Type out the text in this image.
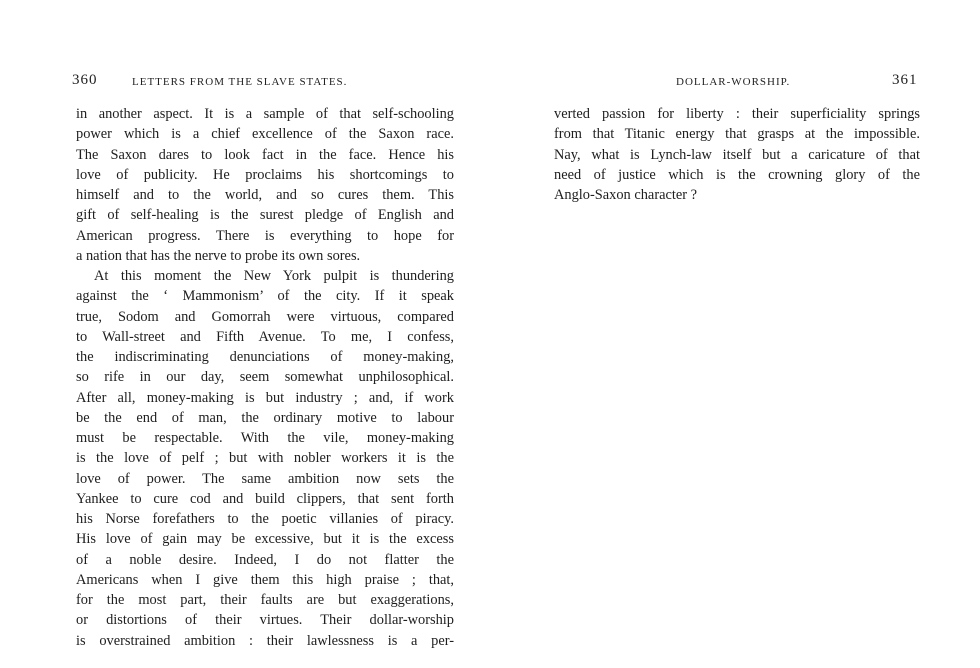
360	LETTERS FROM THE SLAVE STATES.
in another aspect. It is a sample of that self-schooling
power which is a chief excellence of the Saxon race.
The Saxon dares to look fact in the face. Hence his
love of publicity. He proclaims his shortcomings to
himself and to the world, and so cures them. This
gift of self-healing is the surest pledge of English and
American progress. There is everything to hope for
a nation that has the nerve to probe its own sores.
At this moment the New York pulpit is thundering
against the ‘ Mammonism’ of the city. If it speak
true, Sodom and Gomorrah were virtuous, compared
to Wall-street and Fifth Avenue. To me, I confess,
the indiscriminating denunciations of money-making,
so rife in our day, seem somewhat unphilosophical.
After all, money-making is but industry ; and, if work
be the end of man, the ordinary motive to labour
must be respectable. With the vile, money-making
is the love of pelf ; but with nobler workers it is the
love of power. The same ambition now sets the
Yankee to cure cod and build clippers, that sent forth
his Norse forefathers to the poetic villanies of piracy.
His love of gain may be excessive, but it is the excess
of a noble desire. Indeed, I do not flatter the
Americans when I give them this high praise ; that,
for the most part, their faults are but exaggerations,
or distortions of their virtues. Their dollar-worship
is overstrained ambition : their lawlessness is a per-
DOLLAR-WORSHIP.	361
verted passion for liberty : their superficiality springs
from that Titanic energy that grasps at the impossible.
Nay, what is Lynch-law itself but a caricature of that
need of justice which is the crowning glory of the
Anglo-Saxon character ?
